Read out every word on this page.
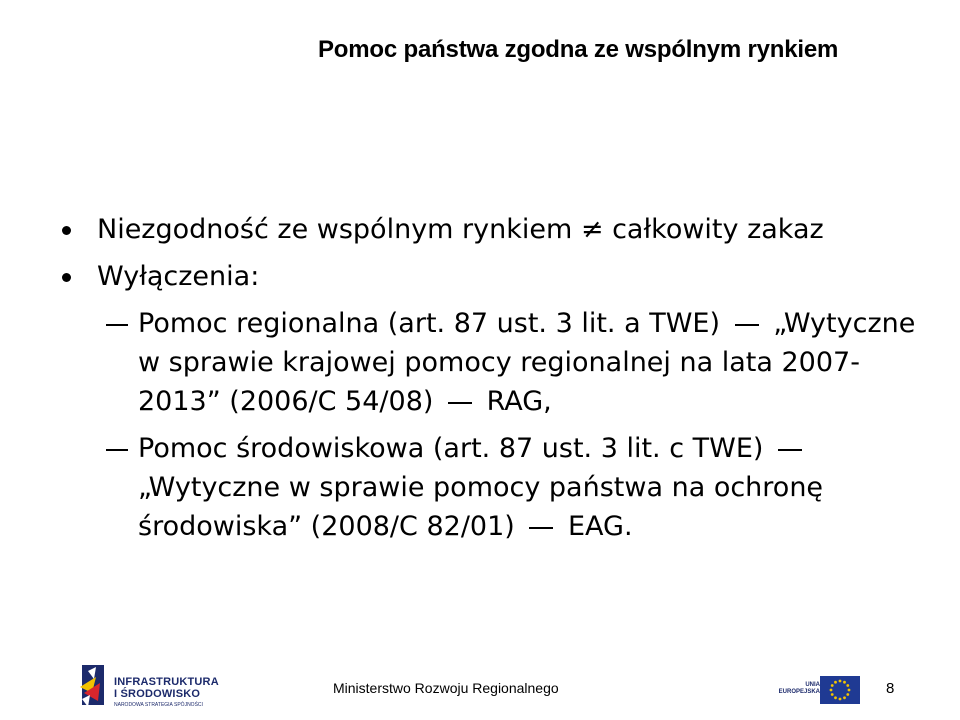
Pomoc państwa zgodna ze wspólnym rynkiem
Niezgodność ze wspólnym rynkiem ≠ całkowity zakaz
Wyłączenia:
Pomoc regionalna (art. 87 ust. 3 lit. a TWE) „Wytyczne w sprawie krajowej pomocy regionalnej na lata 2007-2013” (2006/C 54/08) RAG,
Pomoc środowiskowa (art. 87 ust. 3 lit. c TWE)  „Wytyczne w sprawie pomocy państwa na ochronę środowiska” (2008/C 82/01) EAG.
INFRASTRUKTURA
I ŚRODOWISKO
NARODOWA STRATEGIA SPÓJNOŚCI
Ministerstwo Rozwoju Regionalnego	UNIA
EUROPEJSKA	8
